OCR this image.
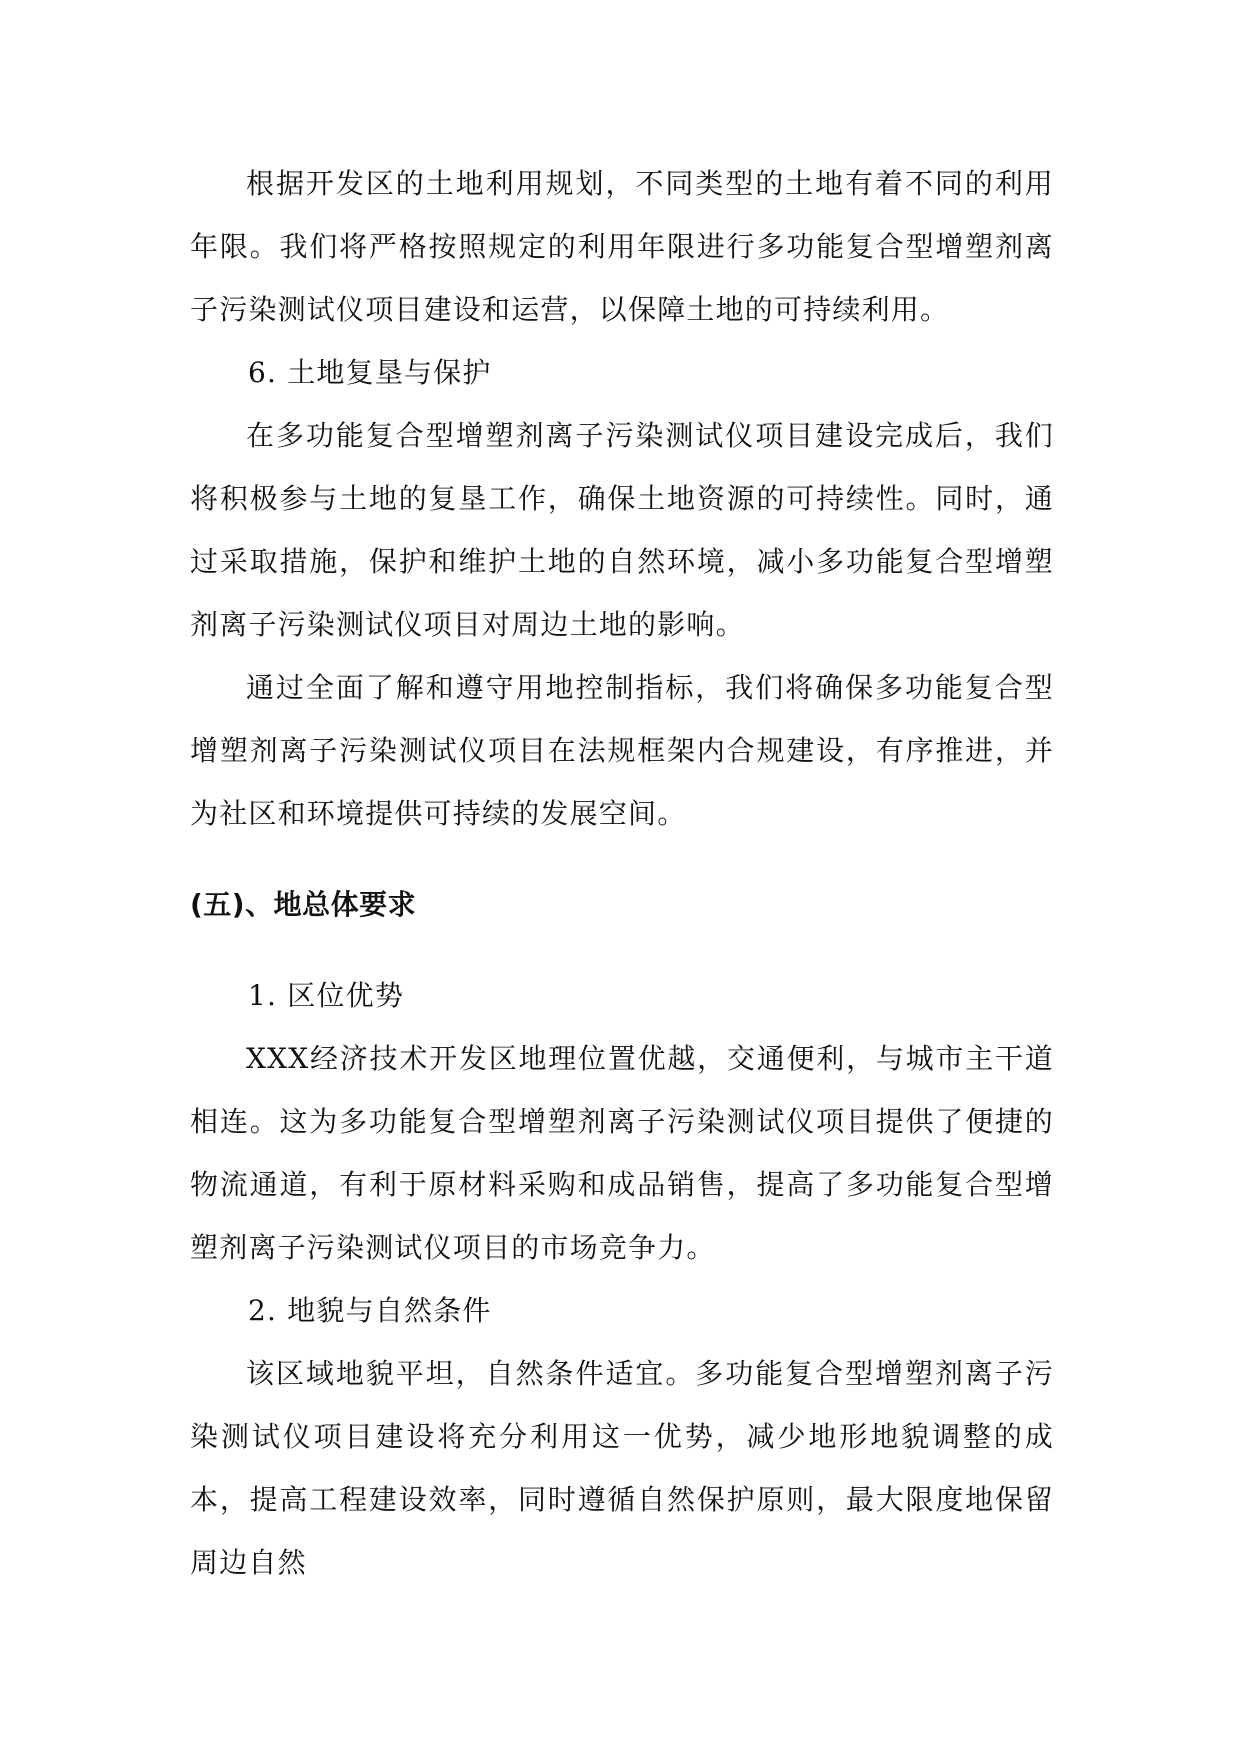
根据开发区的土地利用规划，不同类型的土地有着不同的利用年限。我们将严格按照规定的利用年限进行多功能复合型增塑剂离子污染测试仪项目建设和运营，以保障土地的可持续利用。

6. 土地复垦与保护

在多功能复合型增塑剂离子污染测试仪项目建设完成后，我们将积极参与土地的复垦工作，确保土地资源的可持续性。同时，通过采取措施，保护和维护土地的自然环境，减小多功能复合型增塑剂离子污染测试仪项目对周边土地的影响。

通过全面了解和遵守用地控制指标，我们将确保多功能复合型增塑剂离子污染测试仪项目在法规框架内合规建设，有序推进，并为社区和环境提供可持续的发展空间。

(五)、地总体要求

1. 区位优势

XXX经济技术开发区地理位置优越，交通便利，与城市主干道相连。这为多功能复合型增塑剂离子污染测试仪项目提供了便捷的物流通道，有利于原材料采购和成品销售，提高了多功能复合型增塑剂离子污染测试仪项目的市场竞争力。

2. 地貌与自然条件

该区域地貌平坦，自然条件适宜。多功能复合型增塑剂离子污染测试仪项目建设将充分利用这一优势，减少地形地貌调整的成本，提高工程建设效率，同时遵循自然保护原则，最大限度地保留周边自然
